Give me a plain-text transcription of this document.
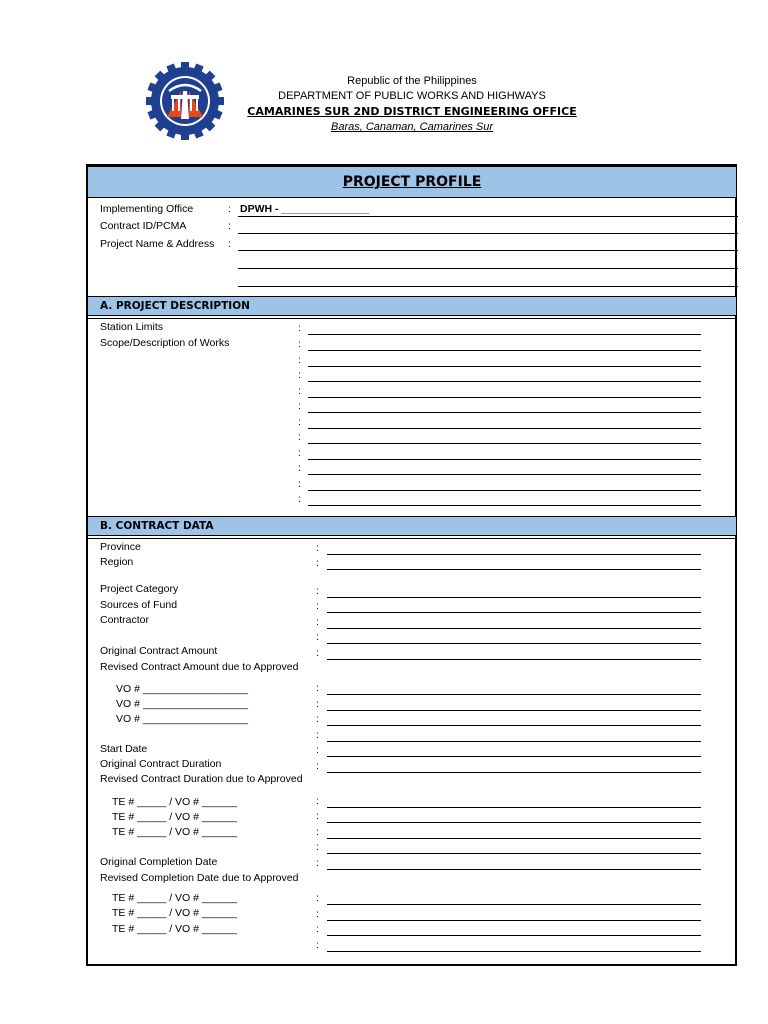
Republic of the Philippines
DEPARTMENT OF PUBLIC WORKS AND HIGHWAYS
CAMARINES SUR 2ND DISTRICT ENGINEERING OFFICE
Baras, Canaman, Camarines Sur
PROJECT PROFILE
Implementing Office	: DPWH - _______________
Contract ID/PCMA	:
Project Name & Address :
A. PROJECT DESCRIPTION
Station Limits
Scope/Description of Works
:
:
:
:
:
:
:
:
:
:
:
:
B. CONTRACT DATA
Province
Region
Project Category
Sources of Fund
Contractor
Original Contract Amount
Revised Contract Amount due to Approved
VO # __________________
VO # __________________
VO # __________________
Start Date
Original Contract Duration
Revised Contract Duration due to Approved
TE # _____ / VO # ______
TE # _____ / VO # ______
TE # _____ / VO # ______
Original Completion Date
Revised Completion Date due to Approved
TE # _____ / VO # ______
TE # _____ / VO # ______
TE # _____ / VO # ______
:
:
:
:
:
:
:
:
:
:
:
:
:
:
:
:
:
:
:
:
:
:
